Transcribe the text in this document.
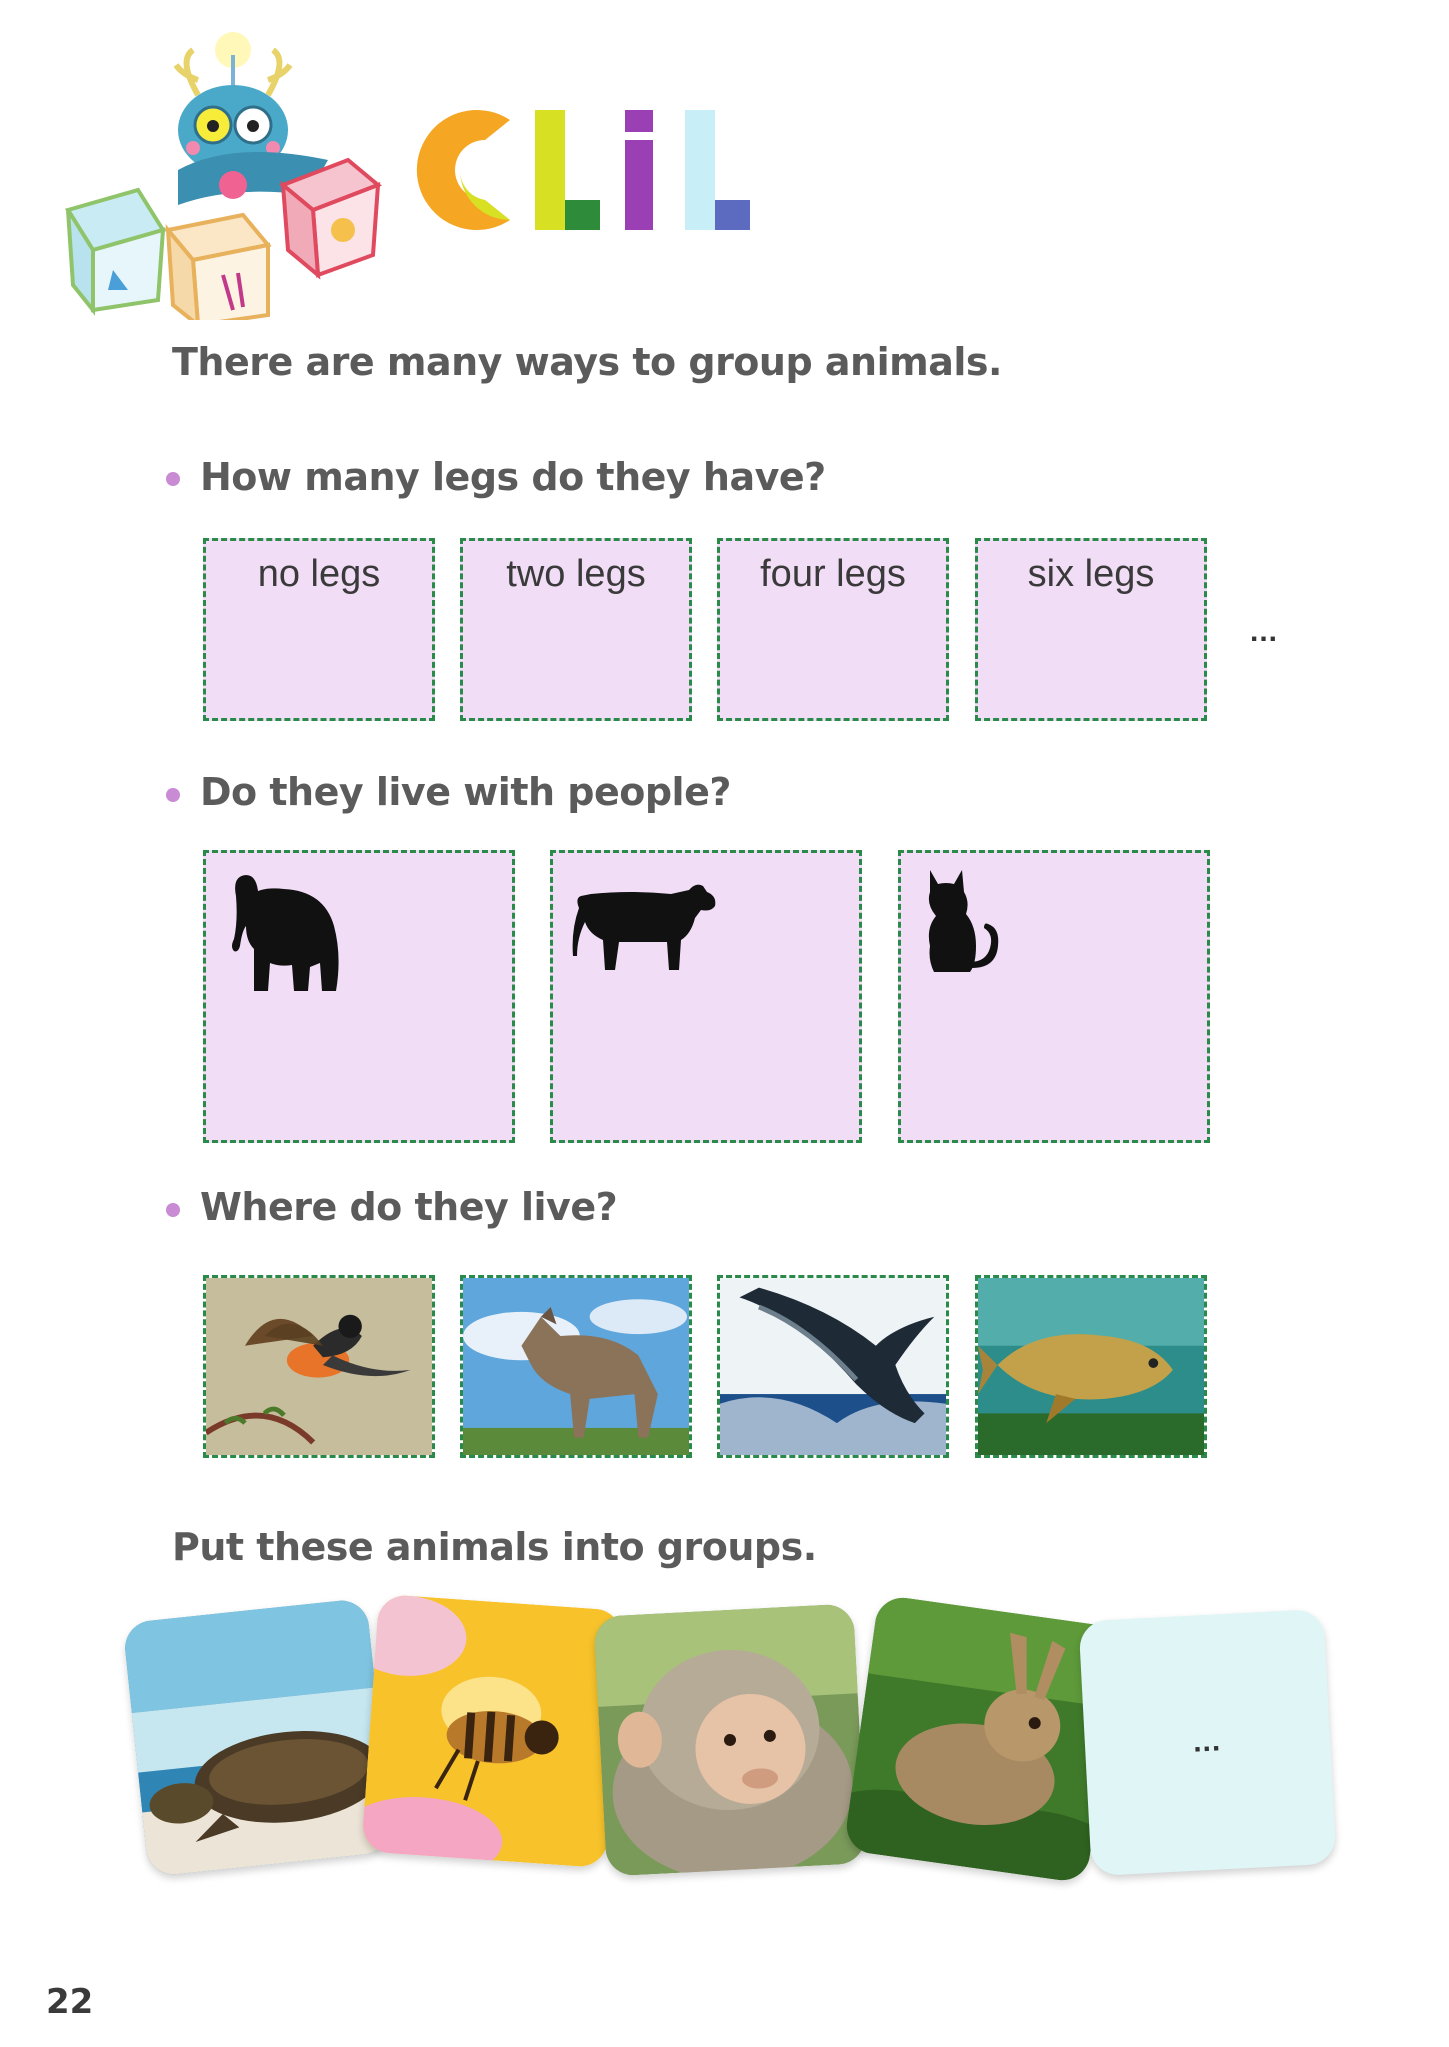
There are many ways to group animals.
How many legs do they have?
no legs	two legs	four legs	six legs
...
Do they live with people?
Where do they live?
Put these animals into groups.
...
22
